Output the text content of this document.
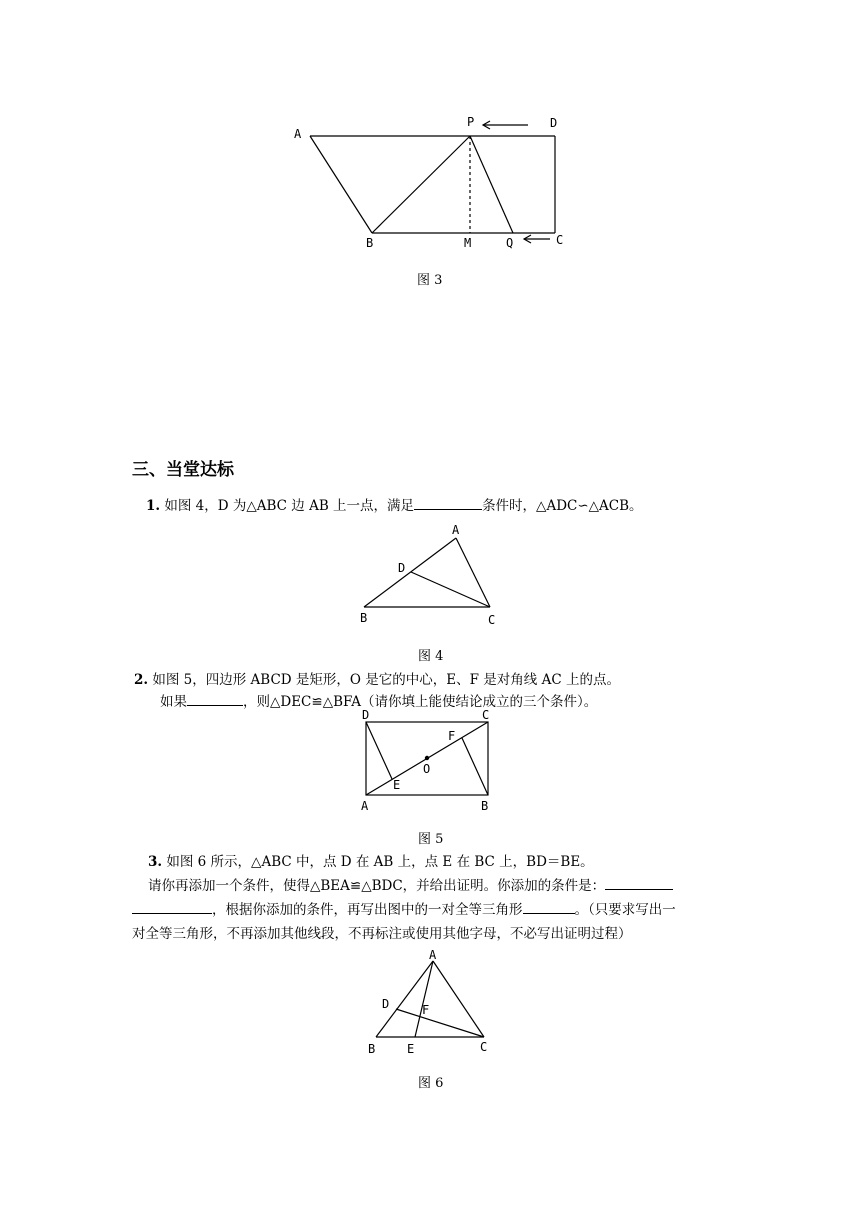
A
P	D
B	M	Q	C
图 3
三、当堂达标
1. 如图 4，D 为△ABC 边 AB 上一点，满足	条件时，△ADC∽△ACB。
A
D
B	C
图 4
2. 如图 5，四边形 ABCD 是矩形，O 是它的中心，E、F 是对角线 AC 上的点。
如果	，则△DEC≌△BFA（请你填上能使结论成立的三个条件）。
D	C
F
O
E
A	B
图 5
3. 如图 6 所示，△ABC 中，点 D 在 AB 上，点 E 在 BC 上，BD＝BE。
请你再添加一个条件，使得△BEA≌△BDC，并给出证明。你添加的条件是：
，根据你添加的条件，再写出图中的一对全等三角形	。（只要求写出一
对全等三角形，不再添加其他线段，不再标注或使用其他字母，不必写出证明过程）
A
D	F
B	E	C
图 6
